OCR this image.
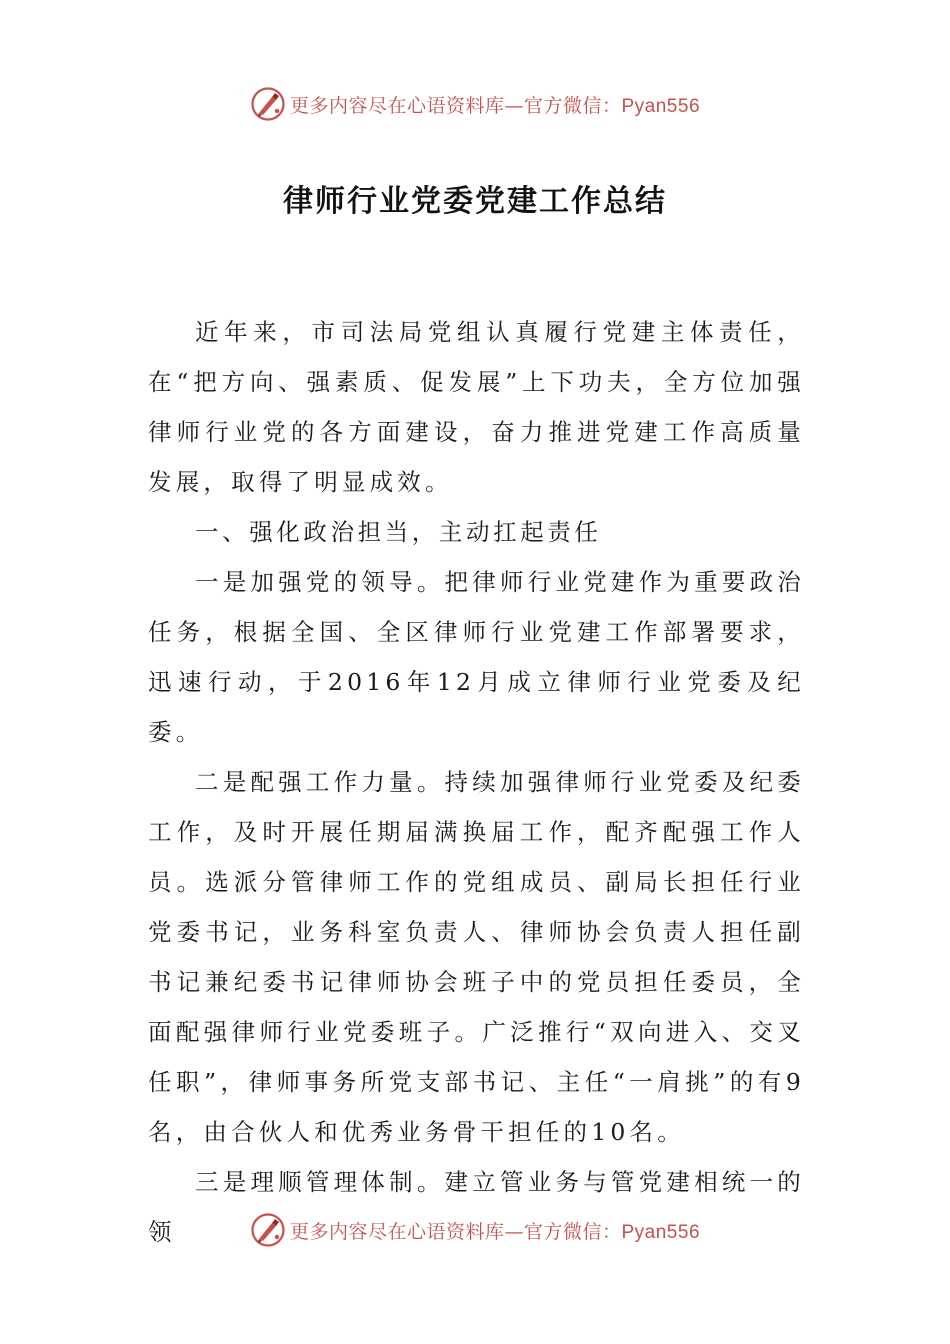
更多内容尽在心语资料库—官方微信：Pyan556
律师行业党委党建工作总结

近年来，市司法局党组认真履行党建主体责任，在“把方向、强素质、促发展”上下功夫，全方位加强律师行业党的各方面建设，奋力推进党建工作高质量发展，取得了明显成效。

一、强化政治担当，主动扛起责任

一是加强党的领导。把律师行业党建作为重要政治任务，根据全国、全区律师行业党建工作部署要求，迅速行动，于2016年12月成立律师行业党委及纪委。

二是配强工作力量。持续加强律师行业党委及纪委工作，及时开展任期届满换届工作，配齐配强工作人员。选派分管律师工作的党组成员、副局长担任行业党委书记，业务科室负责人、律师协会负责人担任副书记兼纪委书记律师协会班子中的党员担任委员，全面配强律师行业党委班子。广泛推行“双向进入、交叉任职”，律师事务所党支部书记、主任“一肩挑”的有9名，由合伙人和优秀业务骨干担任的10名。

三是理顺管理体制。建立管业务与管党建相统一的领	更多内容尽在心语资料库—官方微信：Pyan556
